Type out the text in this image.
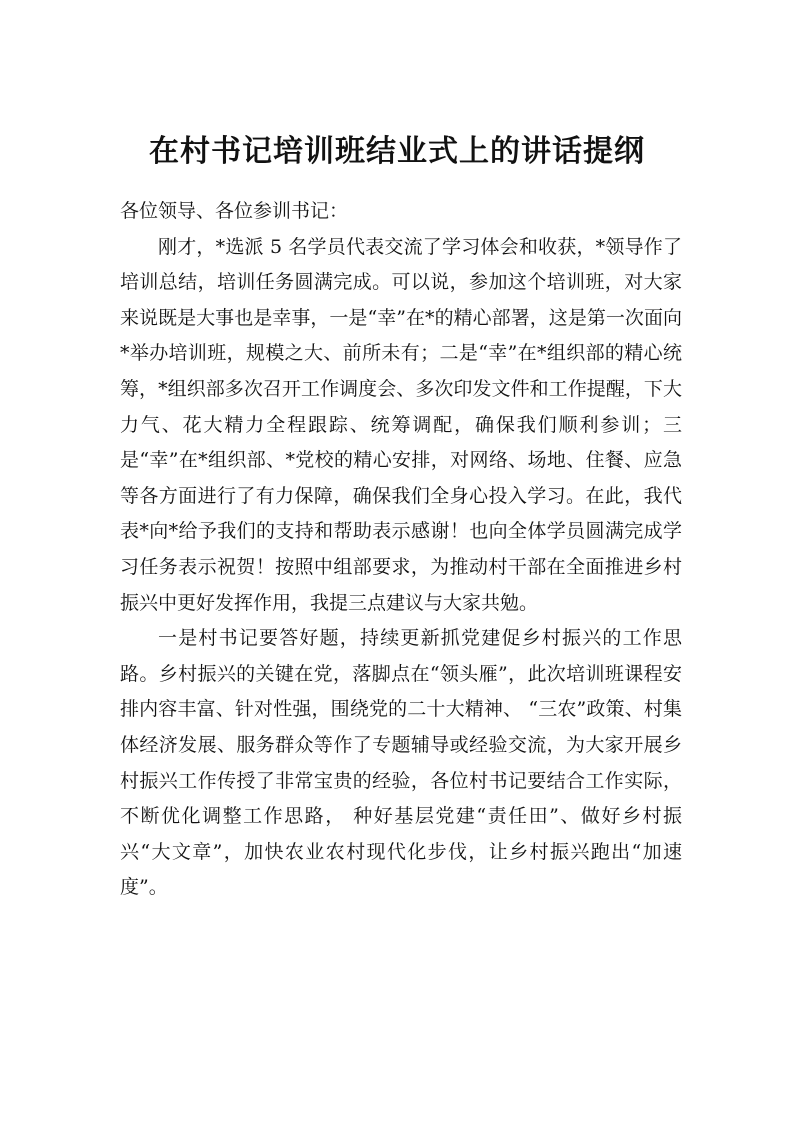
在村书记培训班结业式上的讲话提纲

各位领导、各位参训书记：

刚才，*选派 5 名学员代表交流了学习体会和收获，*领导作了培训总结，培训任务圆满完成。可以说，参加这个培训班，对大家来说既是大事也是幸事，一是“幸”在*的精心部署，这是第一次面向*举办培训班，规模之大、前所未有；二是“幸”在*组织部的精心统筹，*组织部多次召开工作调度会、多次印发文件和工作提醒，下大力气、花大精力全程跟踪、统筹调配，确保我们顺利参训；三是“幸”在*组织部、*党校的精心安排，对网络、场地、住餐、应急等各方面进行了有力保障，确保我们全身心投入学习。在此，我代表*向*给予我们的支持和帮助表示感谢！也向全体学员圆满完成学习任务表示祝贺！按照中组部要求，为推动村干部在全面推进乡村振兴中更好发挥作用，我提三点建议与大家共勉。

一是村书记要答好题，持续更新抓党建促乡村振兴的工作思路。乡村振兴的关键在党，落脚点在“领头雁”，此次培训班课程安排内容丰富、针对性强，围绕党的二十大精神、 “三农”政策、村集体经济发展、服务群众等作了专题辅导或经验交流，为大家开展乡村振兴工作传授了非常宝贵的经验，各位村书记要结合工作实际，不断优化调整工作思路， 种好基层党建“责任田”、做好乡村振兴“大文章”，加快农业农村现代化步伐，让乡村振兴跑出“加速度”。
